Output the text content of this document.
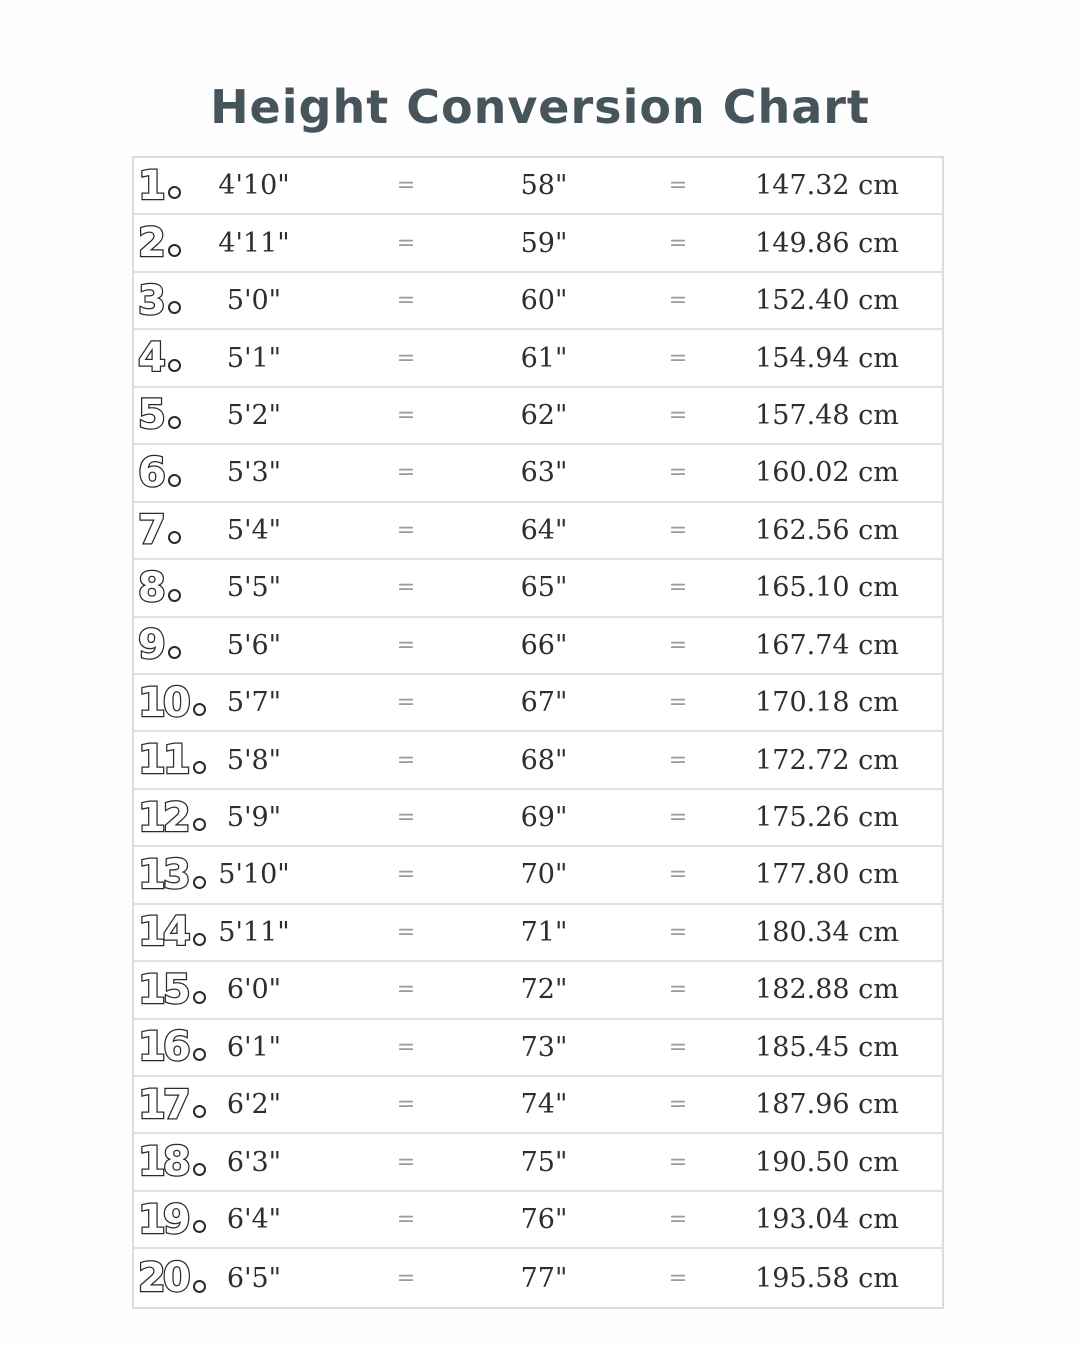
Height Conversion Chart
1	4'10"	=	58"	=	147.32 cm
2	4'11"	=	59"	=	149.86 cm
3	5'0"	=	60"	=	152.40 cm
4	5'1"	=	61"	=	154.94 cm
5	5'2"	=	62"	=	157.48 cm
6	5'3"	=	63"	=	160.02 cm
7	5'4"	=	64"	=	162.56 cm
8	5'5"	=	65"	=	165.10 cm
9	5'6"	=	66"	=	167.74 cm
10	5'7"	=	67"	=	170.18 cm
11	5'8"	=	68"	=	172.72 cm
12	5'9"	=	69"	=	175.26 cm
13	5'10"	=	70"	=	177.80 cm
14	5'11"	=	71"	=	180.34 cm
15	6'0"	=	72"	=	182.88 cm
16	6'1"	=	73"	=	185.45 cm
17	6'2"	=	74"	=	187.96 cm
18	6'3"	=	75"	=	190.50 cm
19	6'4"	=	76"	=	193.04 cm
20	6'5"	=	77"	=	195.58 cm
